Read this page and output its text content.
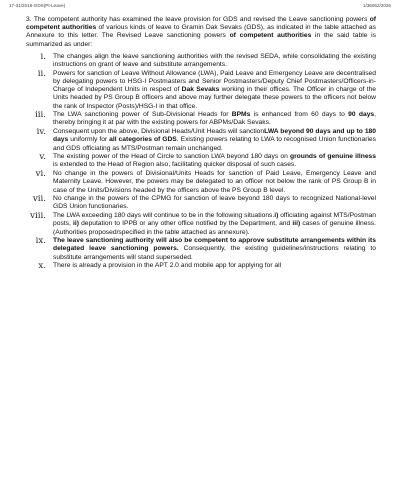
17-31/2016-GDS(Pt-Leave)	1/36062/2026

3. The competent authority has examined the leave provision for GDS and revised the Leave sanctioning powers of competent authorities of various kinds of leave to Gramin Dak Sevaks (GDS), as indicated in the table attached as Annexure to this letter. The Revised Leave sanctioning powers of competent authorities in the said table is summarized as under:

i. The changes align the leave sanctioning authorities with the revised SEDA, while consolidating the existing instructions on grant of leave and substitute arrangements.
ii. Powers for sanction of Leave Without Allowance (LWA), Paid Leave and Emergency Leave are decentralised by delegating powers to HSG-I Postmasters and Senior Postmasters/Deputy Chief Postmasters/Officers-in-Charge of Independent Units in respect of Dak Sevaks working in their offices. The Officer in charge of the Units headed by PS Group B officers and above may further delegate these powers to the officers not below the rank of Inspector (Posts)/HSG-I in that office.
iii. The LWA sanctioning power of Sub-Divisional Heads for BPMs is enhanced from 60 days to 90 days, thereby bringing it at par with the existing powers for ABPMs/Dak Sevaks.
iv. Consequent upon the above, Divisional Heads/Unit Heads will sanctionLWA beyond 90 days and up to 180 days uniformly for all categories of GDS. Existing powers relating to LWA to recognised Union functionaries and GDS officiating as MTS/Postman remain unchanged.
v. The existing power of the Head of Circle to sanction LWA beyond 180 days on grounds of genuine illness is extended to the Head of Region also, facilitating quicker disposal of such cases.
vi. No change in the powers of Divisional/Units Heads for sanction of Paid Leave, Emergency Leave and Maternity Leave. However, the powers may be delegated to an officer not below the rank of PS Group B in case of the Units/Divisions headed by the officers above the PS Group B level.
vii. No change in the powers of the CPMG for sanction of leave beyond 180 days to recognized National-level GDS Union functionaries.
viii. The LWA exceeding 180 days will continue to be in the following situations.i) officiating against MTS/Postman posts, ii) deputation to IPPB or any other office notified by the Department, and iii) cases of genuine illness. (Authorities proposed/specified in the table attached as annexure).
ix. The leave sanctioning authority will also be competent to approve substitute arrangements within its delegated leave sanctioning powers. Consequently, the existing guidelines/instructions relating to substitute arrangements will stand superseded.
x. There is already a provision in the APT 2.0 and mobile app for applying for all
